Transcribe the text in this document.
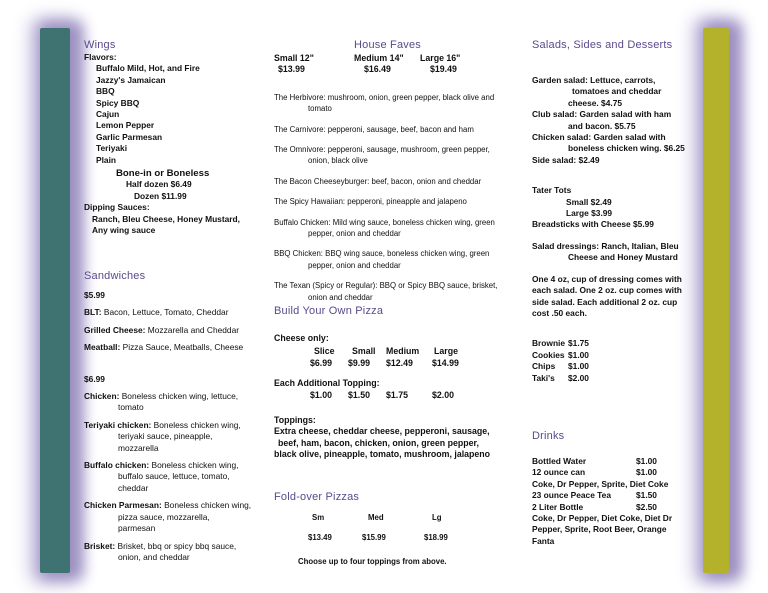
Wings
Flavors:
Buffalo Mild, Hot, and Fire
Jazzy's Jamaican
BBQ
Spicy BBQ
Cajun
Lemon Pepper
Garlic Parmesan
Teriyaki
Plain
Bone-in or Boneless
Half dozen $6.49
Dozen $11.99
Dipping Sauces:
Ranch, Bleu Cheese, Honey Mustard,
Any wing sauce
Sandwiches
$5.99
BLT: Bacon, Lettuce, Tomato, Cheddar
Grilled Cheese: Mozzarella and Cheddar
Meatball: Pizza Sauce, Meatballs, Cheese
$6.99
Chicken: Boneless chicken wing, lettuce,
tomato
Teriyaki chicken: Boneless chicken wing,
teriyaki sauce, pineapple,
mozzarella
Buffalo chicken: Boneless chicken wing,
buffalo sauce, lettuce, tomato,
cheddar
Chicken Parmesan: Boneless chicken wing,
pizza sauce, mozzarella,
parmesan
Brisket: Brisket, bbq or spicy bbq sauce,
onion, and cheddar
House Faves
Small 12"	Medium 14"	Large 16"
$13.99	$16.49	$19.49
The Herbivore: mushroom, onion, green pepper, black olive and
tomato
The Carnivore: pepperoni, sausage, beef, bacon and ham
The Omnivore: pepperoni, sausage, mushroom, green pepper,
onion, black olive
The Bacon Cheeseyburger: beef, bacon, onion and cheddar
The Spicy Hawaiian: pepperoni, pineapple and jalapeno
Buffalo Chicken: Mild wing sauce, boneless chicken wing, green
pepper, onion and cheddar
BBQ Chicken: BBQ wing sauce, boneless chicken wing, green
pepper, onion and cheddar
The Texan (Spicy or Regular): BBQ or Spicy BBQ sauce, brisket,
onion and cheddar
Build Your Own Pizza
Cheese only:
Slice	Small	Medium	Large
$6.99	$9.99	$12.49	$14.99
Each Additional Topping:
$1.00	$1.50	$1.75	$2.00
Toppings:
Extra cheese, cheddar cheese, pepperoni, sausage,
beef, ham, bacon, chicken, onion, green pepper,
black olive, pineapple, tomato, mushroom, jalapeno
Fold-over Pizzas
Sm	Med	Lg
$13.49	$15.99	$18.99
Choose up to four toppings from above.
Salads, Sides and Desserts
Garden salad: Lettuce, carrots,
tomatoes and cheddar
cheese. $4.75
Club salad: Garden salad with ham
and bacon. $5.75
Chicken salad: Garden salad with
boneless chicken wing. $6.25
Side salad: $2.49
Tater Tots
Small $2.49
Large $3.99
Breadsticks with Cheese $5.99
Salad dressings: Ranch, Italian, Bleu
Cheese and Honey Mustard
One 4 oz, cup of dressing comes with
each salad. One 2 oz. cup comes with
side salad. Each additional 2 oz. cup
cost .50 each.
Brownie $1.75
Cookies $1.00
Chips	$1.00
Taki's	$2.00
Drinks
Bottled Water	$1.00
12 ounce can	$1.00
Coke, Dr Pepper, Sprite, Diet Coke
23 ounce Peace Tea	$1.50
2 Liter Bottle	$2.50
Coke, Dr Pepper, Diet Coke, Diet Dr
Pepper, Sprite, Root Beer, Orange
Fanta
